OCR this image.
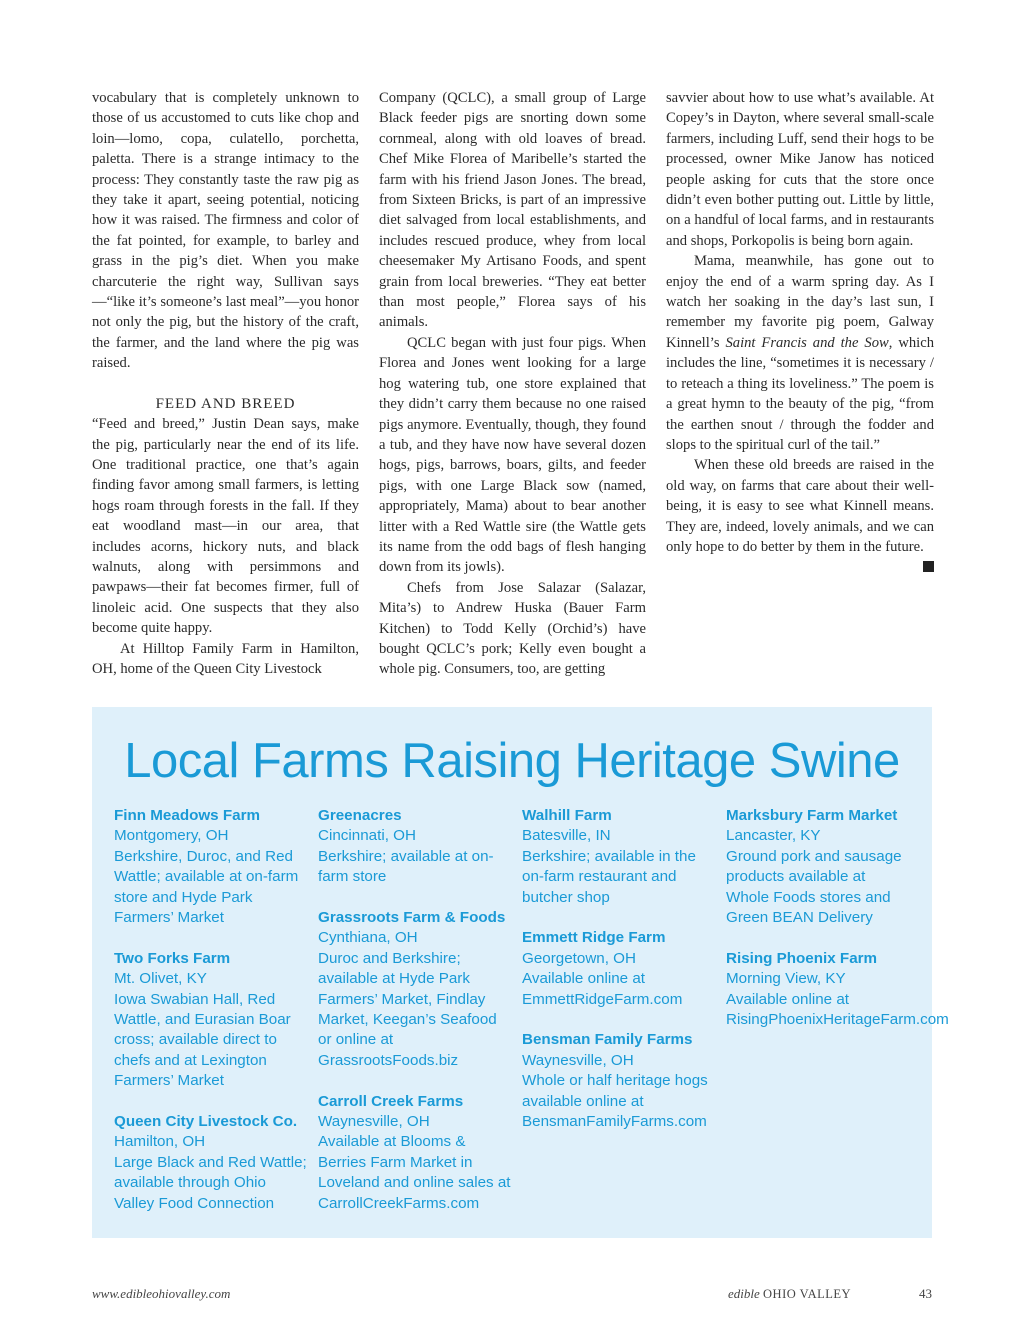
vocabulary that is completely unknown to those of us accustomed to cuts like chop and loin—lomo, copa, culatello, porchetta, paletta. There is a strange intimacy to the process: They constantly taste the raw pig as they take it apart, seeing potential, noticing how it was raised. The firmness and color of the fat pointed, for example, to barley and grass in the pig’s diet. When you make charcuterie the right way, Sullivan says—“like it’s someone’s last meal”—you honor not only the pig, but the history of the craft, the farmer, and the land where the pig was raised.

FEED AND BREED

“Feed and breed,” Justin Dean says, make the pig, particularly near the end of its life. One traditional practice, one that’s again finding favor among small farmers, is letting hogs roam through forests in the fall. If they eat woodland mast—in our area, that includes acorns, hickory nuts, and black walnuts, along with persimmons and pawpaws—their fat becomes firmer, full of linoleic acid. One suspects that they also become quite happy.

At Hilltop Family Farm in Hamilton, OH, home of the Queen City Livestock

Company (QCLC), a small group of Large Black feeder pigs are snorting down some cornmeal, along with old loaves of bread. Chef Mike Florea of Maribelle’s started the farm with his friend Jason Jones. The bread, from Sixteen Bricks, is part of an impressive diet salvaged from local establishments, and includes rescued produce, whey from local cheesemaker My Artisano Foods, and spent grain from local breweries. “They eat better than most people,” Florea says of his animals.

QCLC began with just four pigs. When Florea and Jones went looking for a large hog watering tub, one store explained that they didn’t carry them because no one raised pigs anymore. Eventually, though, they found a tub, and they have now have several dozen hogs, pigs, barrows, boars, gilts, and feeder pigs, with one Large Black sow (named, appropriately, Mama) about to bear another litter with a Red Wattle sire (the Wattle gets its name from the odd bags of flesh hanging down from its jowls).

Chefs from Jose Salazar (Salazar, Mita’s) to Andrew Huska (Bauer Farm Kitchen) to Todd Kelly (Orchid’s) have bought QCLC’s pork; Kelly even bought a whole pig. Consumers, too, are getting

savvier about how to use what’s available. At Copey’s in Dayton, where several small-scale farmers, including Luff, send their hogs to be processed, owner Mike Janow has noticed people asking for cuts that the store once didn’t even bother putting out. Little by little, on a handful of local farms, and in restaurants and shops, Porkopolis is being born again.

Mama, meanwhile, has gone out to enjoy the end of a warm spring day. As I watch her soaking in the day’s last sun, I remember my favorite pig poem, Galway Kinnell’s Saint Francis and the Sow, which includes the line, “sometimes it is necessary / to reteach a thing its loveliness.” The poem is a great hymn to the beauty of the pig, “from the earthen snout / through the fodder and slops to the spiritual curl of the tail.”

When these old breeds are raised in the old way, on farms that care about their well-being, it is easy to see what Kinnell means. They are, indeed, lovely animals, and we can only hope to do better by them in the future.

Local Farms Raising Heritage Swine
Finn Meadows Farm
Montgomery, OH
Berkshire, Duroc, and Red Wattle; available at on-farm store and Hyde Park Farmers’ Market
Two Forks Farm
Mt. Olivet, KY
Iowa Swabian Hall, Red Wattle, and Eurasian Boar cross; available direct to chefs and at Lexington Farmers’ Market
Queen City Livestock Co.
Hamilton, OH
Large Black and Red Wattle; available through Ohio Valley Food Connection
Greenacres
Cincinnati, OH
Berkshire; available at on-farm store
Grassroots Farm & Foods
Cynthiana, OH
Duroc and Berkshire; available at Hyde Park Farmers’ Market, Findlay Market, Keegan’s Seafood or online at GrassrootsFoods.biz
Carroll Creek Farms
Waynesville, OH
Available at Blooms & Berries Farm Market in Loveland and online sales at CarrollCreekFarms.com
Walhill Farm
Batesville, IN
Berkshire; available in the on-farm restaurant and butcher shop
Emmett Ridge Farm
Georgetown, OH
Available online at EmmettRidgeFarm.com
Bensman Family Farms
Waynesville, OH
Whole or half heritage hogs available online at BensmanFamilyFarms.com
Marksbury Farm Market
Lancaster, KY
Ground pork and sausage products available at Whole Foods stores and Green BEAN Delivery
Rising Phoenix Farm
Morning View, KY
Available online at RisingPhoenixHeritageFarm.com
www.edibleohiovalley.com	edible OHIO VALLEY	43
